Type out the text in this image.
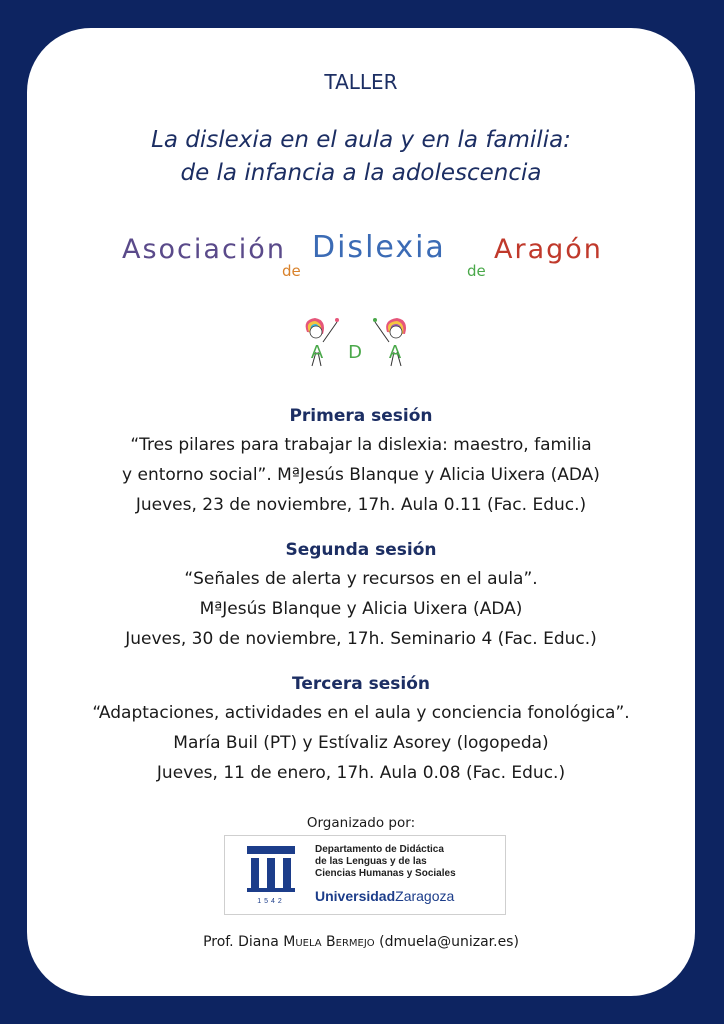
TALLER
La dislexia en el aula y en la familia:
de la infancia a la adolescencia
Asociación
de
Dislexia
de
Aragón
A D A
Primera sesión
“Tres pilares para trabajar la dislexia: maestro, familia
y entorno social”. MªJesús Blanque y Alicia Uixera (ADA)
Jueves, 23 de noviembre, 17h. Aula 0.11 (Fac. Educ.)
Segunda sesión
“Señales de alerta y recursos en el aula”.
MªJesús Blanque y Alicia Uixera (ADA)
Jueves, 30 de noviembre, 17h. Seminario 4 (Fac. Educ.)
Tercera sesión
“Adaptaciones, actividades en el aula y conciencia fonológica”.
María Buil (PT) y Estívaliz Asorey (logopeda)
Jueves, 11 de enero, 17h. Aula 0.08 (Fac. Educ.)
Organizado por:
1542
Departamento de Didáctica
de las Lenguas y de las
Ciencias Humanas y Sociales
UniversidadZaragoza
Prof. Diana Muela Bermejo (dmuela@unizar.es)
